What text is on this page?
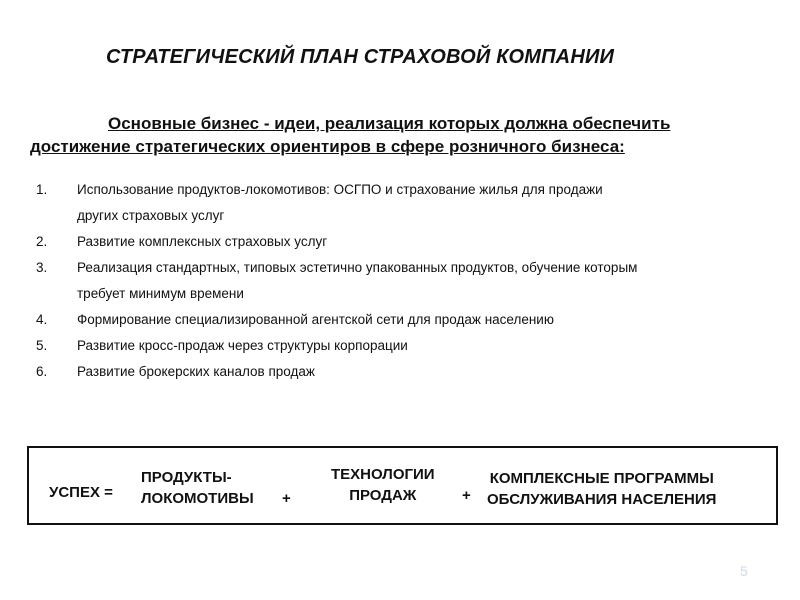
СТРАТЕГИЧЕСКИЙ ПЛАН СТРАХОВОЙ КОМПАНИИ
Основные бизнес - идеи, реализация которых должна обеспечить
достижение стратегических ориентиров в сфере розничного бизнеса:
1. Использование продуктов-локомотивов: ОСГПО и страхование жилья для продажи
других страховых услуг
2. Развитие комплексных страховых услуг
3. Реализация стандартных, типовых эстетично упакованных продуктов, обучение которым
требует минимум времени
4. Формирование специализированной агентской сети для продаж населению
5. Развитие кросс-продаж через структуры корпорации
6. Развитие брокерских каналов продаж
УСПЕХ =
ПРОДУКТЫ-
ЛОКОМОТИВЫ +
ТЕХНОЛОГИИ
ПРОДАЖ	+
КОМПЛЕКСНЫЕ ПРОГРАММЫ
ОБСЛУЖИВАНИЯ НАСЕЛЕНИЯ
5
